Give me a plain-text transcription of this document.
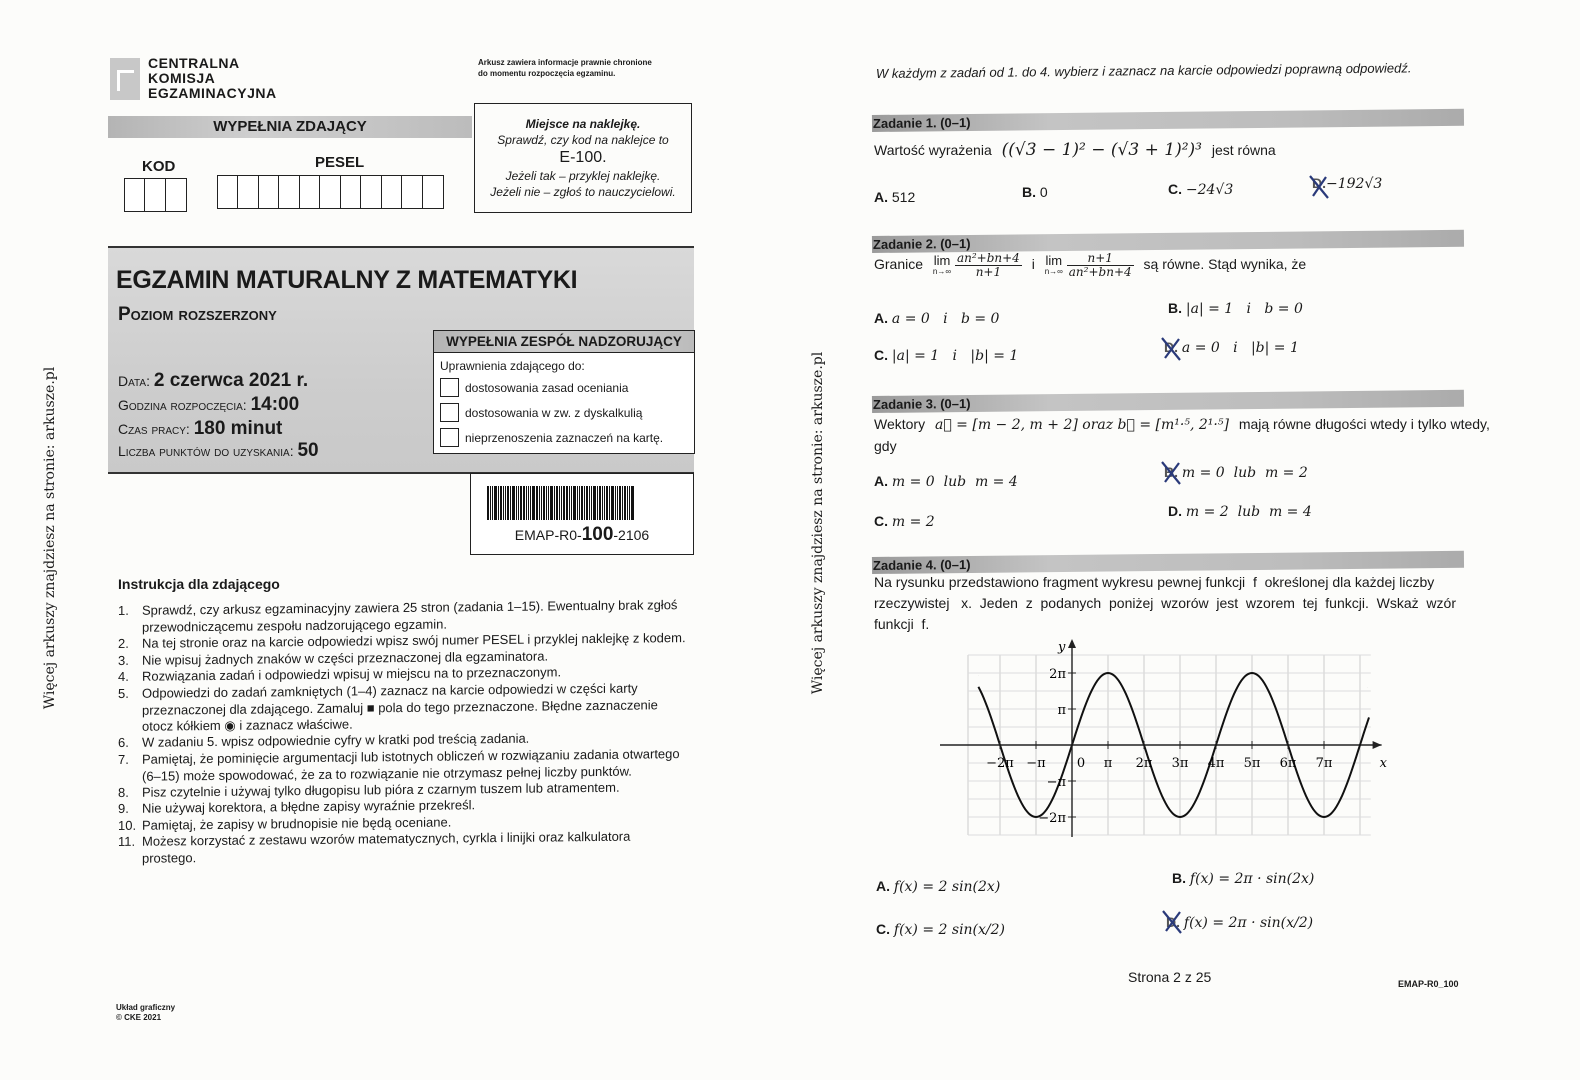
Więcej arkuszy znajdziesz na stronie: arkusze.pl
CENTRALNA
KOMISJA
EGZAMINACYJNA
Arkusz zawiera informacje prawnie chronione
do momentu rozpoczęcia egzaminu.
WYPEŁNIA ZDAJĄCY
KOD	PESEL
Miejsce na naklejkę.
Sprawdź, czy kod na naklejce to
E-100.
Jeżeli tak – przyklej naklejkę.
Jeżeli nie – zgłoś to nauczycielowi.
EGZAMIN MATURALNY Z MATEMATYKI
Poziom rozszerzony
Data: 2 czerwca 2021 r.
Godzina rozpoczęcia: 14:00
Czas pracy: 180 minut
Liczba punktów do uzyskania: 50
WYPEŁNIA ZESPÓŁ NADZORUJĄCY
Uprawnienia zdającego do:
dostosowania zasad oceniania
dostosowania w zw. z dyskalkulią
nieprzenoszenia zaznaczeń na kartę.
EMAP-R0-100-2106
Instrukcja dla zdającego
1.	Sprawdź, czy arkusz egzaminacyjny zawiera 25 stron (zadania 1–15). Ewentualny brak zgłoś przewodniczącemu zespołu nadzorującego egzamin.
2.	Na tej stronie oraz na karcie odpowiedzi wpisz swój numer PESEL i przyklej naklejkę z kodem.
3.	Nie wpisuj żadnych znaków w części przeznaczonej dla egzaminatora.
4.	Rozwiązania zadań i odpowiedzi wpisuj w miejscu na to przeznaczonym.
5.	Odpowiedzi do zadań zamkniętych (1–4) zaznacz na karcie odpowiedzi w części karty przeznaczonej dla zdającego. Zamaluj ■ pola do tego przeznaczone. Błędne zaznaczenie otocz kółkiem ◉ i zaznacz właściwe.
6.	W zadaniu 5. wpisz odpowiednie cyfry w kratki pod treścią zadania.
7.	Pamiętaj, że pominięcie argumentacji lub istotnych obliczeń w rozwiązaniu zadania otwartego (6–15) może spowodować, że za to rozwiązanie nie otrzymasz pełnej liczby punktów.
8.	Pisz czytelnie i używaj tylko długopisu lub pióra z czarnym tuszem lub atramentem.
9.	Nie używaj korektora, a błędne zapisy wyraźnie przekreśl.
10. Pamiętaj, że zapisy w brudnopisie nie będą oceniane.
11. Możesz korzystać z zestawu wzorów matematycznych, cyrkla i linijki oraz kalkulatora prostego.
Układ graficzny
© CKE 2021
Więcej arkuszy znajdziesz na stronie: arkusze.pl
W każdym z zadań od 1. do 4. wybierz i zaznacz na karcie odpowiedzi poprawną odpowiedź.
Zadanie 1. (0–1)
Wartość wyrażenia ((√3 − 1)² − (√3 + 1)²)³ jest równa
A. 512	B. 0	C. −24√3	D.−192√3
Zadanie 2. (0–1)
Granice lim
n→∞
$\frac{\text{an²+bn+4}}{n+1}$ i lim
n→∞
$\frac{n+1}{\text{an²+bn+4}}$ są równe. Stąd wynika, że
A. a = 0   i   b = 0
B. |a| = 1   i   b = 0
C. |a| = 1   i   |b| = 1
D. a = 0   i   |b| = 1
Zadanie 3. (0–1)
Wektory a⃗ = [m − 2, m + 2] oraz b⃗ = [m¹·⁵, 2¹·⁵] mają równe długości wtedy i tylko wtedy,
gdy
A. m = 0  lub  m = 4
B. m = 0  lub  m = 2
C. m = 2
D. m = 2  lub  m = 4
Zadanie 4. (0–1)
Na rysunku przedstawiono fragment wykresu pewnej funkcji  f  określonej dla każdej liczby
rzeczywistej   x.  Jeden  z  podanych  poniżej  wzorów  jest  wzorem  tej  funkcji.  Wskaż  wzór
funkcji  f.
−2π −π 0 π 2π 3π 4π 5π 6π 7π
2π
π
−π
−2π
y
x
A. f(x) = 2 sin(2x)
B. f(x) = 2π · sin(2x)
C. f(x) = 2 sin(x/2)	D. f(x) = 2π · sin(x/2)
Strona 2 z 25	EMAP-R0_100
